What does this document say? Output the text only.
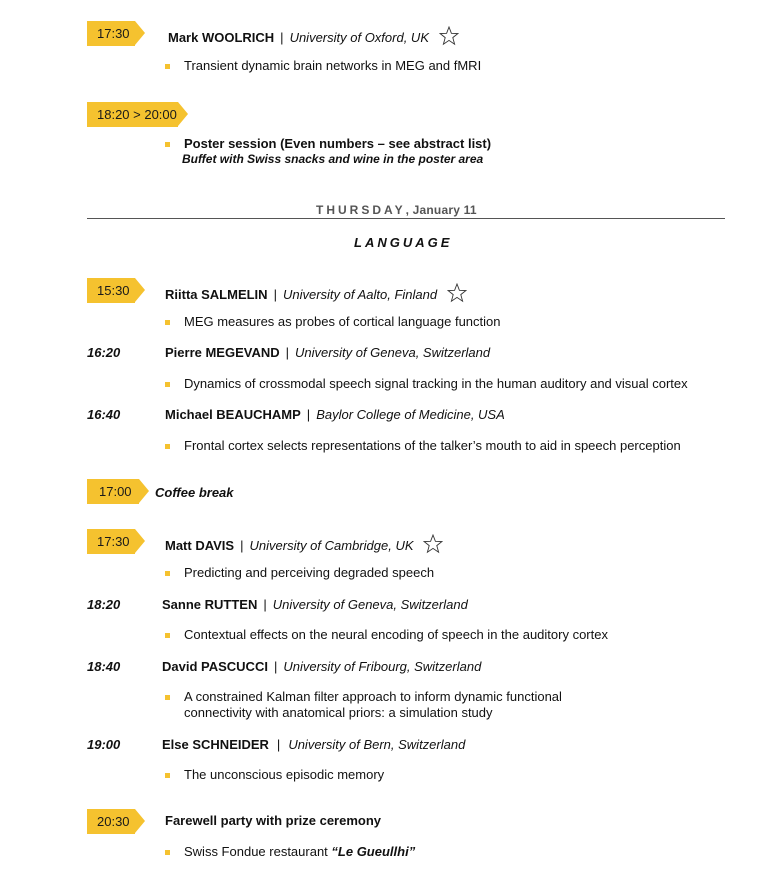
17:30	Mark WOOLRICH | University of Oxford, UK
Transient dynamic brain networks in MEG and fMRI
18:20 > 20:00
Poster session (Even numbers – see abstract list)
Buffet with Swiss snacks and wine in the poster area
THURSDAY, January 11
LANGUAGE
15:30	Riitta SALMELIN | University of Aalto, Finland
MEG measures as probes of cortical language function
16:20	Pierre MEGEVAND | University of Geneva, Switzerland
Dynamics of crossmodal speech signal tracking in the human auditory and visual cortex
16:40	Michael BEAUCHAMP | Baylor College of Medicine, USA
Frontal cortex selects representations of the talker’s mouth to aid in speech perception
17:00	Coffee break
17:30	Matt DAVIS | University of Cambridge, UK
Predicting and perceiving degraded speech
18:20	Sanne RUTTEN | University of Geneva, Switzerland
Contextual effects on the neural encoding of speech in the auditory cortex
18:40	David PASCUCCI | University of Fribourg, Switzerland
A constrained Kalman filter approach to inform dynamic functional
connectivity with anatomical priors: a simulation study
19:00	Else SCHNEIDER | University of Bern, Switzerland
The unconscious episodic memory
20:30	Farewell party with prize ceremony
Swiss Fondue restaurant “Le Gueullhi”
